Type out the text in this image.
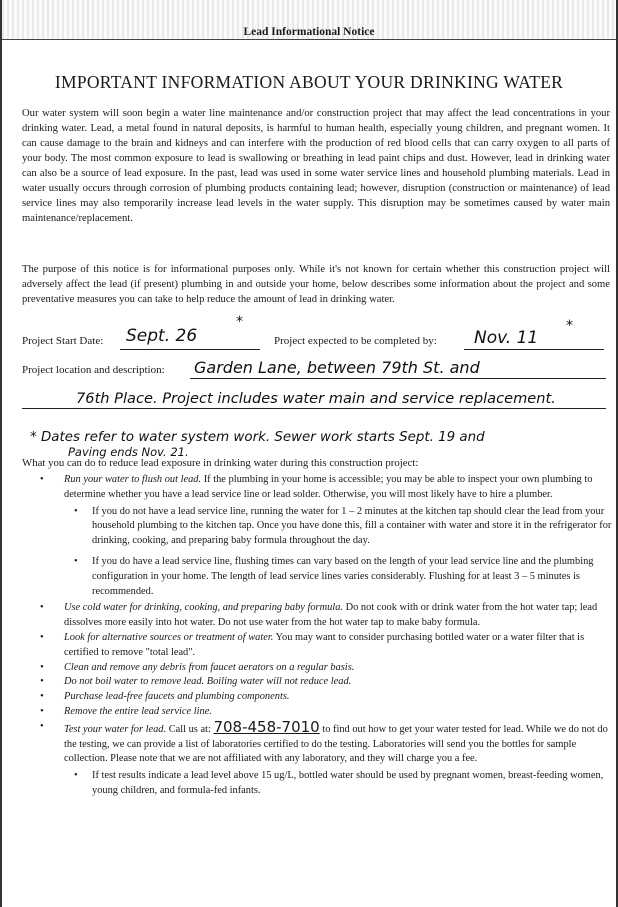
Lead Informational Notice
IMPORTANT INFORMATION ABOUT YOUR DRINKING WATER

Our water system will soon begin a water line maintenance and/or construction project that may affect the lead concentrations in your drinking water. Lead, a metal found in natural deposits, is harmful to human health, especially young children, and pregnant women. It can cause damage to the brain and kidneys and can interfere with the production of red blood cells that can carry oxygen to all parts of your body. The most common exposure to lead is swallowing or breathing in lead paint chips and dust. However, lead in drinking water can also be a source of lead exposure. In the past, lead was used in some water service lines and household plumbing materials. Lead in water usually occurs through corrosion of plumbing products containing lead; however, disruption (construction or maintenance) of lead service lines may also temporarily increase lead levels in the water supply. This disruption may be sometimes caused by water main maintenance/replacement.

The purpose of this notice is for informational purposes only. While it's not known for certain whether this construction project will adversely affect the lead (if present) plumbing in and outside your home, below describes some information about the project and some preventative measures you can take to help reduce the amount of lead in drinking water.

Project Start Date: Sept. 26
*
Project expected to be completed by: Nov. 11
*
Project location and description: Garden Lane, between 79th St. and
76th Place. Project includes water main and service replacement.
* Dates refer to water system work. Sewer work starts Sept. 19 and
Paving ends Nov. 21.
What you can do to reduce lead exposure in drinking water during this construction project:
• Run your water to flush out lead. If the plumbing in your home is accessible; you may be able to inspect your own plumbing to determine whether you have a lead service line or lead solder. Otherwise, you will most likely have to hire a plumber.
• If you do not have a lead service line, running the water for 1 – 2 minutes at the kitchen tap should clear the lead from your household plumbing to the kitchen tap. Once you have done this, fill a container with water and store it in the refrigerator for drinking, cooking, and preparing baby formula throughout the day.
• If you do have a lead service line, flushing times can vary based on the length of your lead service line and the plumbing configuration in your home. The length of lead service lines varies considerably. Flushing for at least 3 – 5 minutes is recommended.
• Use cold water for drinking, cooking, and preparing baby formula. Do not cook with or drink water from the hot water tap; lead dissolves more easily into hot water. Do not use water from the hot water tap to make baby formula.
• Look for alternative sources or treatment of water. You may want to consider purchasing bottled water or a water filter that is certified to remove "total lead".
• Clean and remove any debris from faucet aerators on a regular basis.
• Do not boil water to remove lead. Boiling water will not reduce lead.
• Purchase lead-free faucets and plumbing components.
• Remove the entire lead service line.
• Test your water for lead. Call us at: 708-458-7010 to find out how to get your water tested for lead. While we do not do the testing, we can provide a list of laboratories certified to do the testing. Laboratories will send you the bottles for sample collection. Please note that we are not affiliated with any laboratory, and they will charge you a fee.
• If test results indicate a lead level above 15 ug/L, bottled water should be used by pregnant women, breast-feeding women, young children, and formula-fed infants.
